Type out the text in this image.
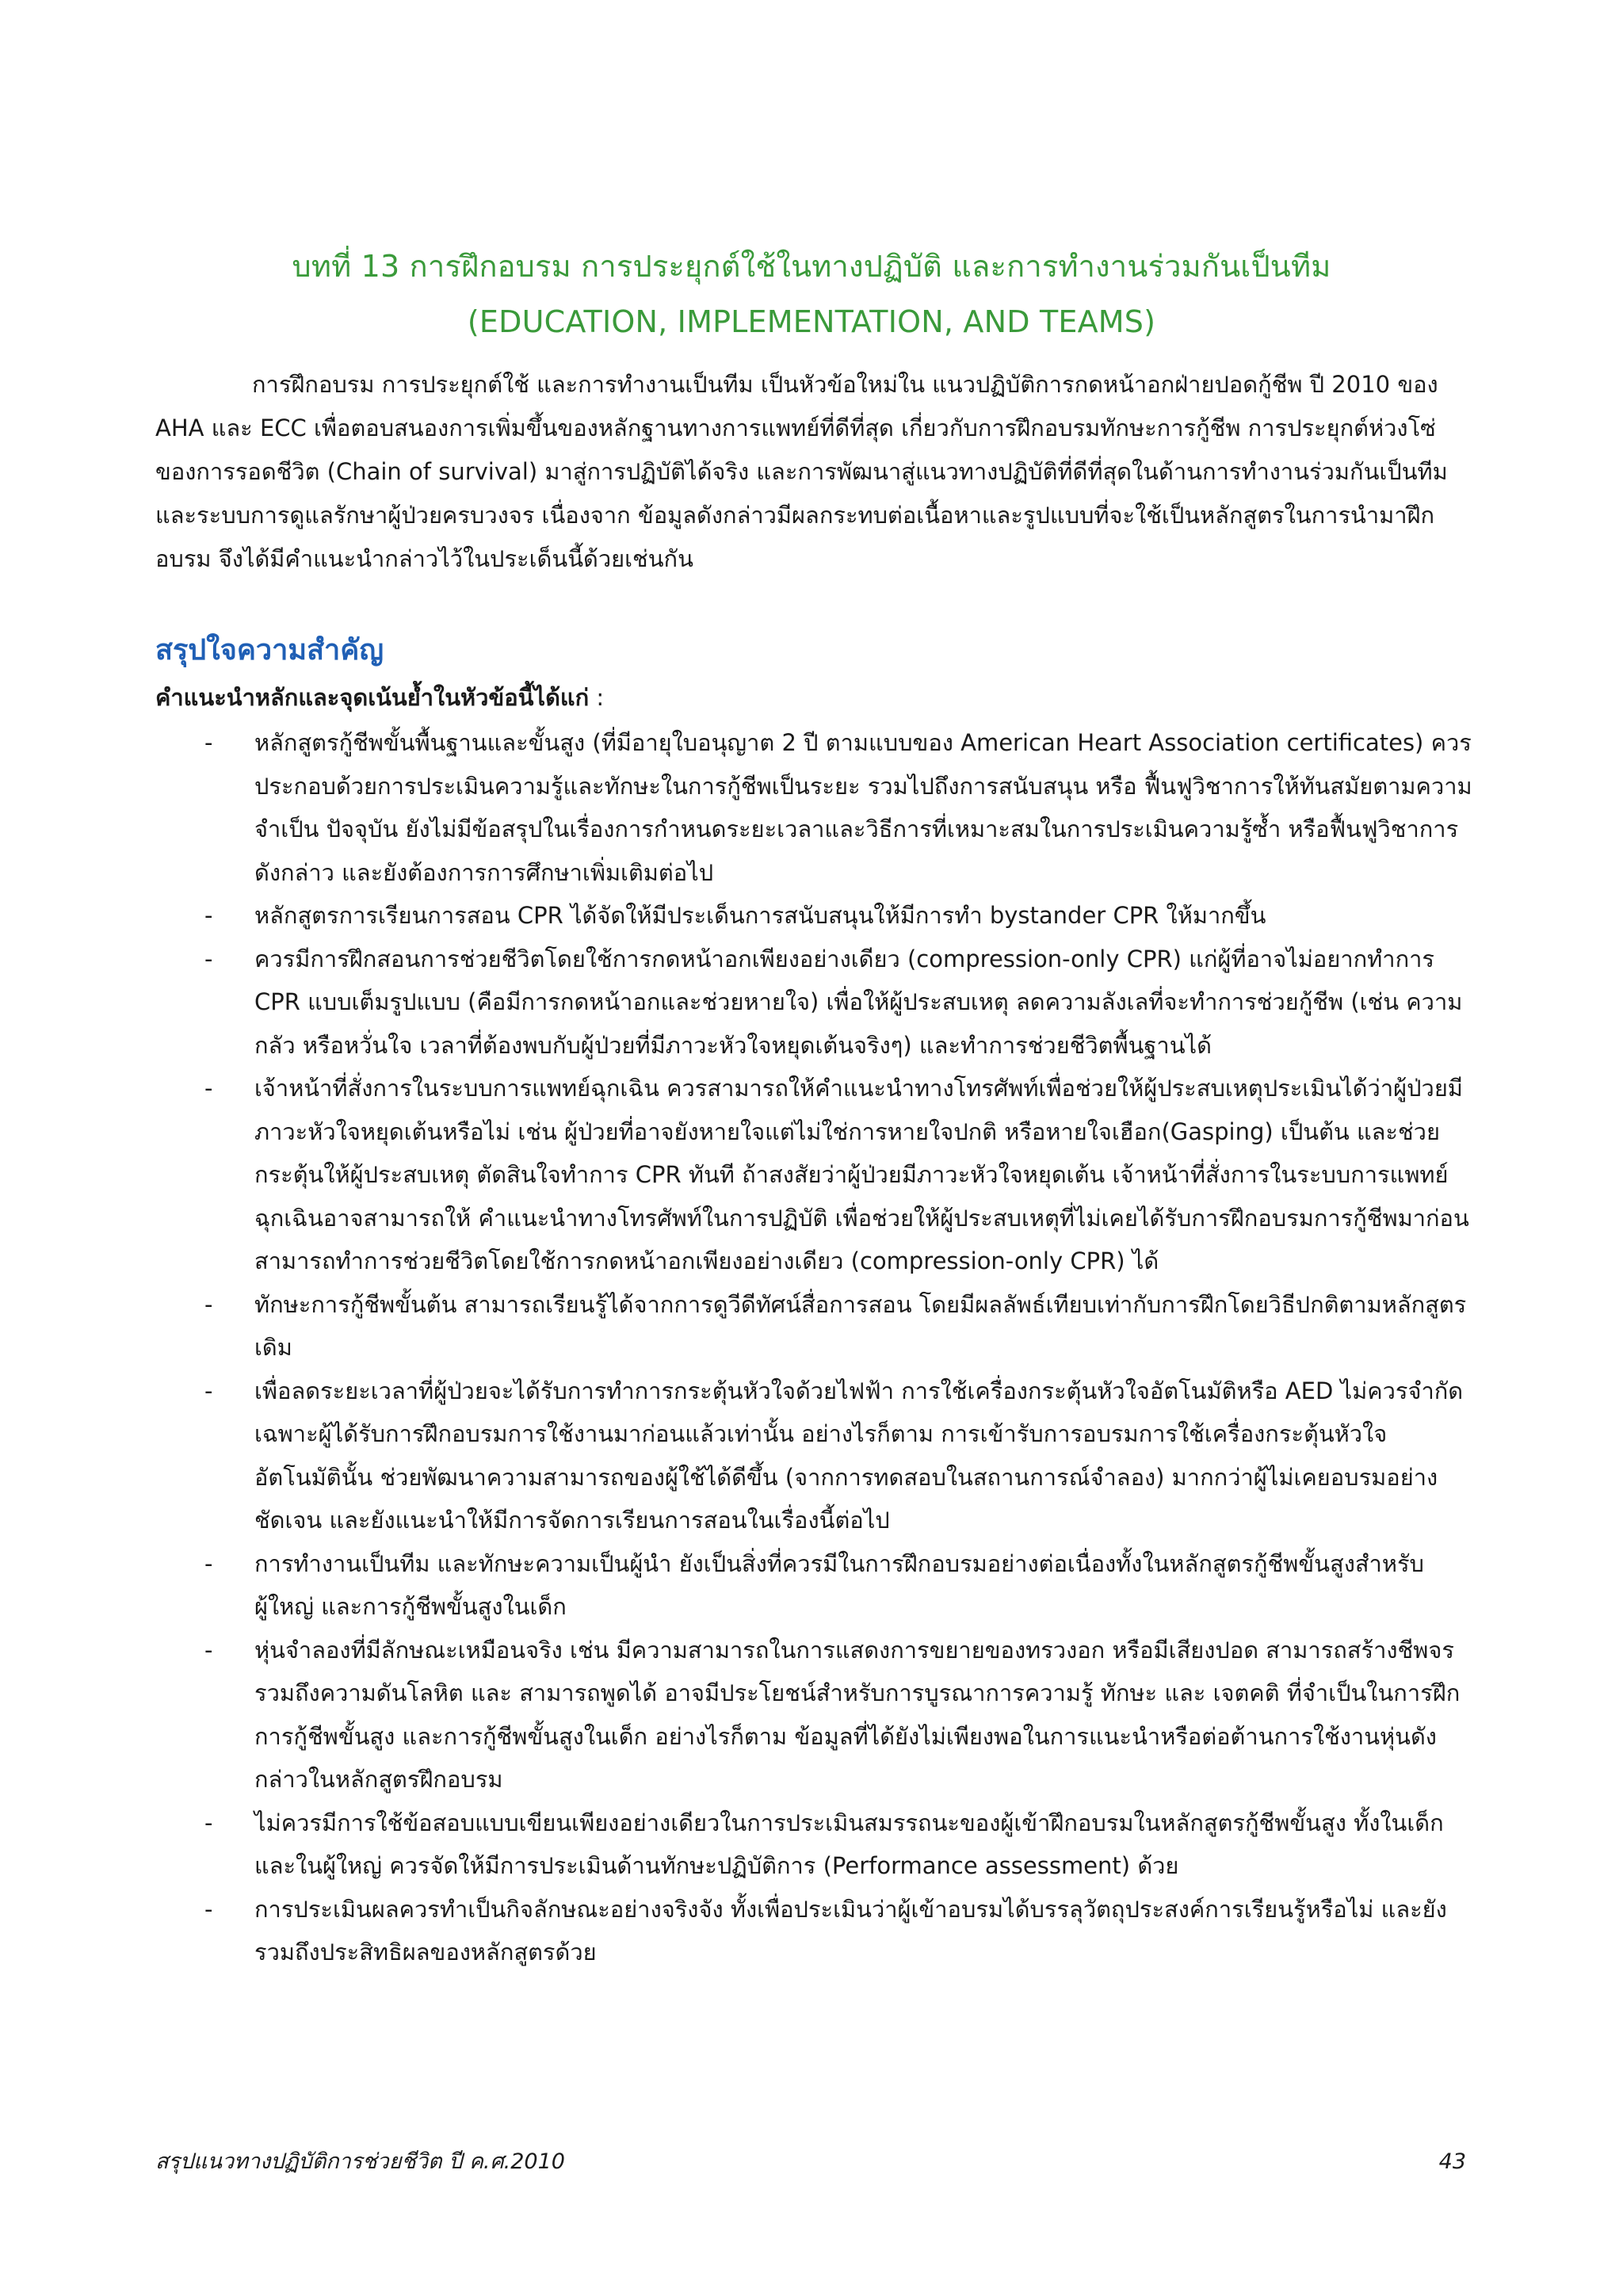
บทที่ 13 การฝึกอบรม การประยุกต์ใช้ในทางปฏิบัติ และการทำงานร่วมกันเป็นทีม
(EDUCATION, IMPLEMENTATION, AND TEAMS)

การฝึกอบรม การประยุกต์ใช้ และการทำงานเป็นทีม เป็นหัวข้อใหม่ใน แนวปฏิบัติการกดหน้าอกฝ่ายปอดกู้ชีพ ปี 2010 ของ AHA และ ECC เพื่อตอบสนองการเพิ่มขึ้นของหลักฐานทางการแพทย์ที่ดีที่สุด เกี่ยวกับการฝึกอบรมทักษะการกู้ชีพ การประยุกต์ห่วงโซ่ของการรอดชีวิต (Chain of survival) มาสู่การปฏิบัติได้จริง และการพัฒนาสู่แนวทางปฏิบัติที่ดีที่สุดในด้านการทำงานร่วมกันเป็นทีม และระบบการดูแลรักษาผู้ป่วยครบวงจร เนื่องจาก ข้อมูลดังกล่าวมีผลกระทบต่อเนื้อหาและรูปแบบที่จะใช้เป็นหลักสูตรในการนำมาฝึกอบรม จึงได้มีคำแนะนำกล่าวไว้ในประเด็นนี้ด้วยเช่นกัน

สรุปใจความสำคัญ

คำแนะนำหลักและจุดเน้นย้ำในหัวข้อนี้ได้แก่ :

- หลักสูตรกู้ชีพขั้นพื้นฐานและขั้นสูง (ที่มีอายุใบอนุญาต 2 ปี ตามแบบของ American Heart Association certificates) ควรประกอบด้วยการประเมินความรู้และทักษะในการกู้ชีพเป็นระยะ รวมไปถึงการสนับสนุน หรือ ฟื้นฟูวิชาการให้ทันสมัยตามความจำเป็น ปัจจุบัน ยังไม่มีข้อสรุปในเรื่องการกำหนดระยะเวลาและวิธีการที่เหมาะสมในการประเมินความรู้ซ้ำ หรือฟื้นฟูวิชาการดังกล่าว และยังต้องการการศึกษาเพิ่มเติมต่อไป
- หลักสูตรการเรียนการสอน CPR ได้จัดให้มีประเด็นการสนับสนุนให้มีการทำ bystander CPR ให้มากขึ้น
- ควรมีการฝึกสอนการช่วยชีวิตโดยใช้การกดหน้าอกเพียงอย่างเดียว (compression-only CPR) แก่ผู้ที่อาจไม่อยากทำการ CPR แบบเต็มรูปแบบ (คือมีการกดหน้าอกและช่วยหายใจ) เพื่อให้ผู้ประสบเหตุ ลดความลังเลที่จะทำการช่วยกู้ชีพ (เช่น ความกลัว หรือหวั่นใจ เวลาที่ต้องพบกับผู้ป่วยที่มีภาวะหัวใจหยุดเต้นจริงๆ) และทำการช่วยชีวิตพื้นฐานได้
- เจ้าหน้าที่สั่งการในระบบการแพทย์ฉุกเฉิน ควรสามารถให้คำแนะนำทางโทรศัพท์เพื่อช่วยให้ผู้ประสบเหตุประเมินได้ว่าผู้ป่วยมีภาวะหัวใจหยุดเต้นหรือไม่ เช่น ผู้ป่วยที่อาจยังหายใจแต่ไม่ใช่การหายใจปกติ หรือหายใจเฮือก(Gasping) เป็นต้น และช่วยกระตุ้นให้ผู้ประสบเหตุ ตัดสินใจทำการ CPR ทันที ถ้าสงสัยว่าผู้ป่วยมีภาวะหัวใจหยุดเต้น เจ้าหน้าที่สั่งการในระบบการแพทย์ฉุกเฉินอาจสามารถให้ คำแนะนำทางโทรศัพท์ในการปฏิบัติ เพื่อช่วยให้ผู้ประสบเหตุที่ไม่เคยได้รับการฝึกอบรมการกู้ชีพมาก่อน สามารถทำการช่วยชีวิตโดยใช้การกดหน้าอกเพียงอย่างเดียว (compression-only CPR) ได้
- ทักษะการกู้ชีพขั้นต้น สามารถเรียนรู้ได้จากการดูวีดีทัศน์สื่อการสอน โดยมีผลลัพธ์เทียบเท่ากับการฝึกโดยวิธีปกติตามหลักสูตรเดิม
- เพื่อลดระยะเวลาที่ผู้ป่วยจะได้รับการทำการกระตุ้นหัวใจด้วยไฟฟ้า การใช้เครื่องกระตุ้นหัวใจอัตโนมัติหรือ AED ไม่ควรจำกัดเฉพาะผู้ได้รับการฝึกอบรมการใช้งานมาก่อนแล้วเท่านั้น อย่างไรก็ตาม การเข้ารับการอบรมการใช้เครื่องกระตุ้นหัวใจอัตโนมัตินั้น ช่วยพัฒนาความสามารถของผู้ใช้ได้ดีขึ้น (จากการทดสอบในสถานการณ์จำลอง) มากกว่าผู้ไม่เคยอบรมอย่างชัดเจน และยังแนะนำให้มีการจัดการเรียนการสอนในเรื่องนี้ต่อไป
- การทำงานเป็นทีม และทักษะความเป็นผู้นำ ยังเป็นสิ่งที่ควรมีในการฝึกอบรมอย่างต่อเนื่องทั้งในหลักสูตรกู้ชีพขั้นสูงสำหรับผู้ใหญ่ และการกู้ชีพขั้นสูงในเด็ก
- หุ่นจำลองที่มีลักษณะเหมือนจริง เช่น มีความสามารถในการแสดงการขยายของทรวงอก หรือมีเสียงปอด สามารถสร้างชีพจร รวมถึงความดันโลหิต และ สามารถพูดได้ อาจมีประโยชน์สำหรับการบูรณาการความรู้ ทักษะ และ เจตคติ ที่จำเป็นในการฝึกการกู้ชีพขั้นสูง และการกู้ชีพขั้นสูงในเด็ก อย่างไรก็ตาม ข้อมูลที่ได้ยังไม่เพียงพอในการแนะนำหรือต่อต้านการใช้งานหุ่นดังกล่าวในหลักสูตรฝึกอบรม
- ไม่ควรมีการใช้ข้อสอบแบบเขียนเพียงอย่างเดียวในการประเมินสมรรถนะของผู้เข้าฝึกอบรมในหลักสูตรกู้ชีพขั้นสูง ทั้งในเด็กและในผู้ใหญ่ ควรจัดให้มีการประเมินด้านทักษะปฏิบัติการ (Performance assessment) ด้วย
- การประเมินผลควรทำเป็นกิจลักษณะอย่างจริงจัง ทั้งเพื่อประเมินว่าผู้เข้าอบรมได้บรรลุวัตถุประสงค์การเรียนรู้หรือไม่ และยังรวมถึงประสิทธิผลของหลักสูตรด้วย
สรุปแนวทางปฏิบัติการช่วยชีวิต ปี ค.ศ.2010	43
